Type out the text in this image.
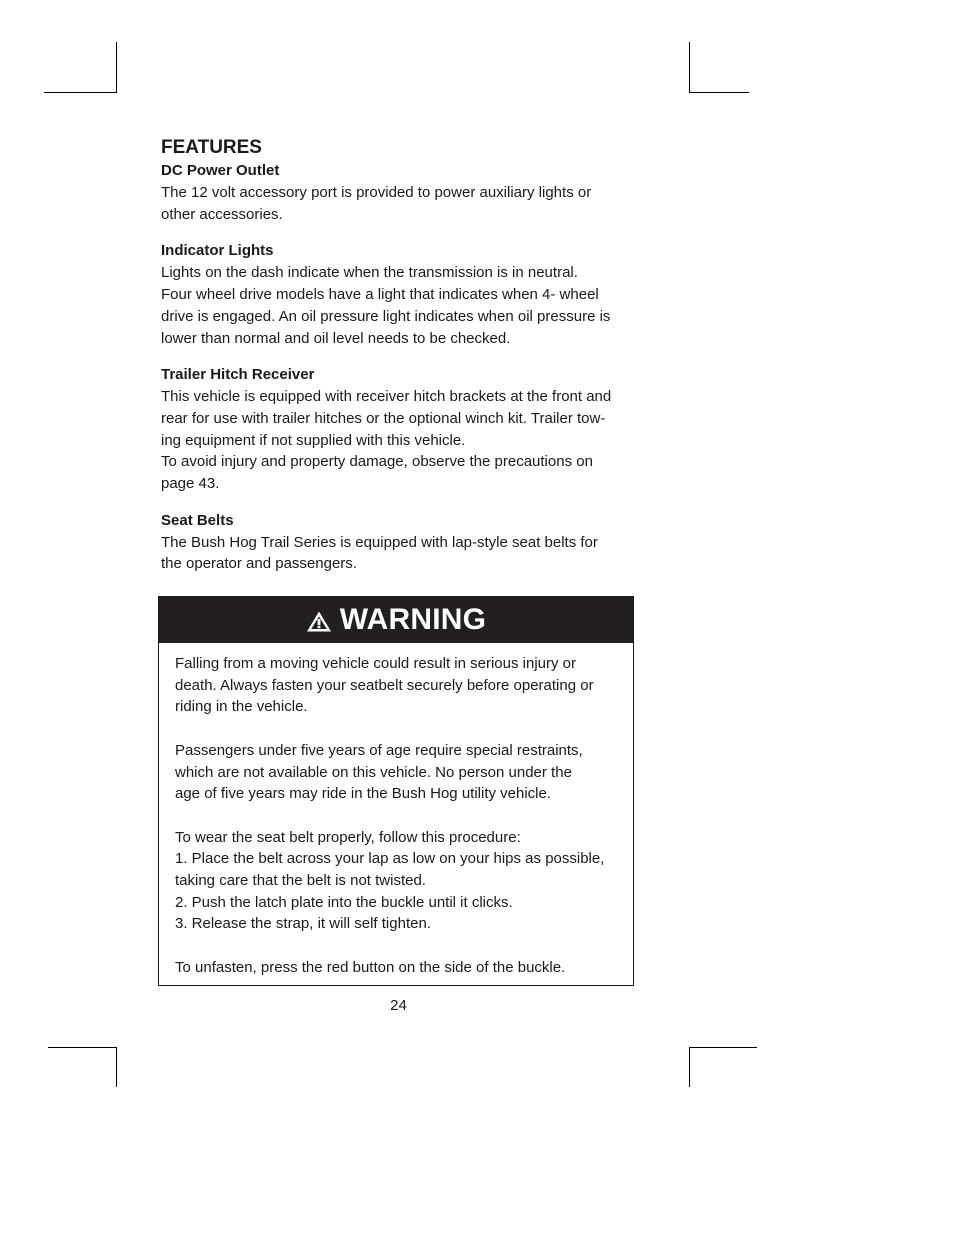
FEATURES
DC Power Outlet
The 12 volt accessory port is provided to power auxiliary lights or
other accessories.
Indicator Lights
Lights on the dash indicate when the transmission is in neutral.
Four wheel drive models have a light that indicates when 4- wheel
drive is engaged. An oil pressure light indicates when oil pressure is
lower than normal and oil level needs to be checked.
Trailer Hitch Receiver
This vehicle is equipped with receiver hitch brackets at the front and
rear for use with trailer hitches or the optional winch kit. Trailer tow-
ing equipment if not supplied with this vehicle.
To avoid injury and property damage, observe the precautions on
page 43.
Seat Belts
The Bush Hog Trail Series is equipped with lap-style seat belts for
the operator and passengers.
WARNING
Falling from a moving vehicle could result in serious injury or
death. Always fasten your seatbelt securely before operating or
riding in the vehicle.
Passengers under five years of age require special restraints,
which are not available on this vehicle. No person under the
age of five years may ride in the Bush Hog utility vehicle.
To wear the seat belt properly, follow this procedure:
1. Place the belt across your lap as low on your hips as possible,
taking care that the belt is not twisted.
2. Push the latch plate into the buckle until it clicks.
3. Release the strap, it will self tighten.
To unfasten, press the red button on the side of the buckle.
24
